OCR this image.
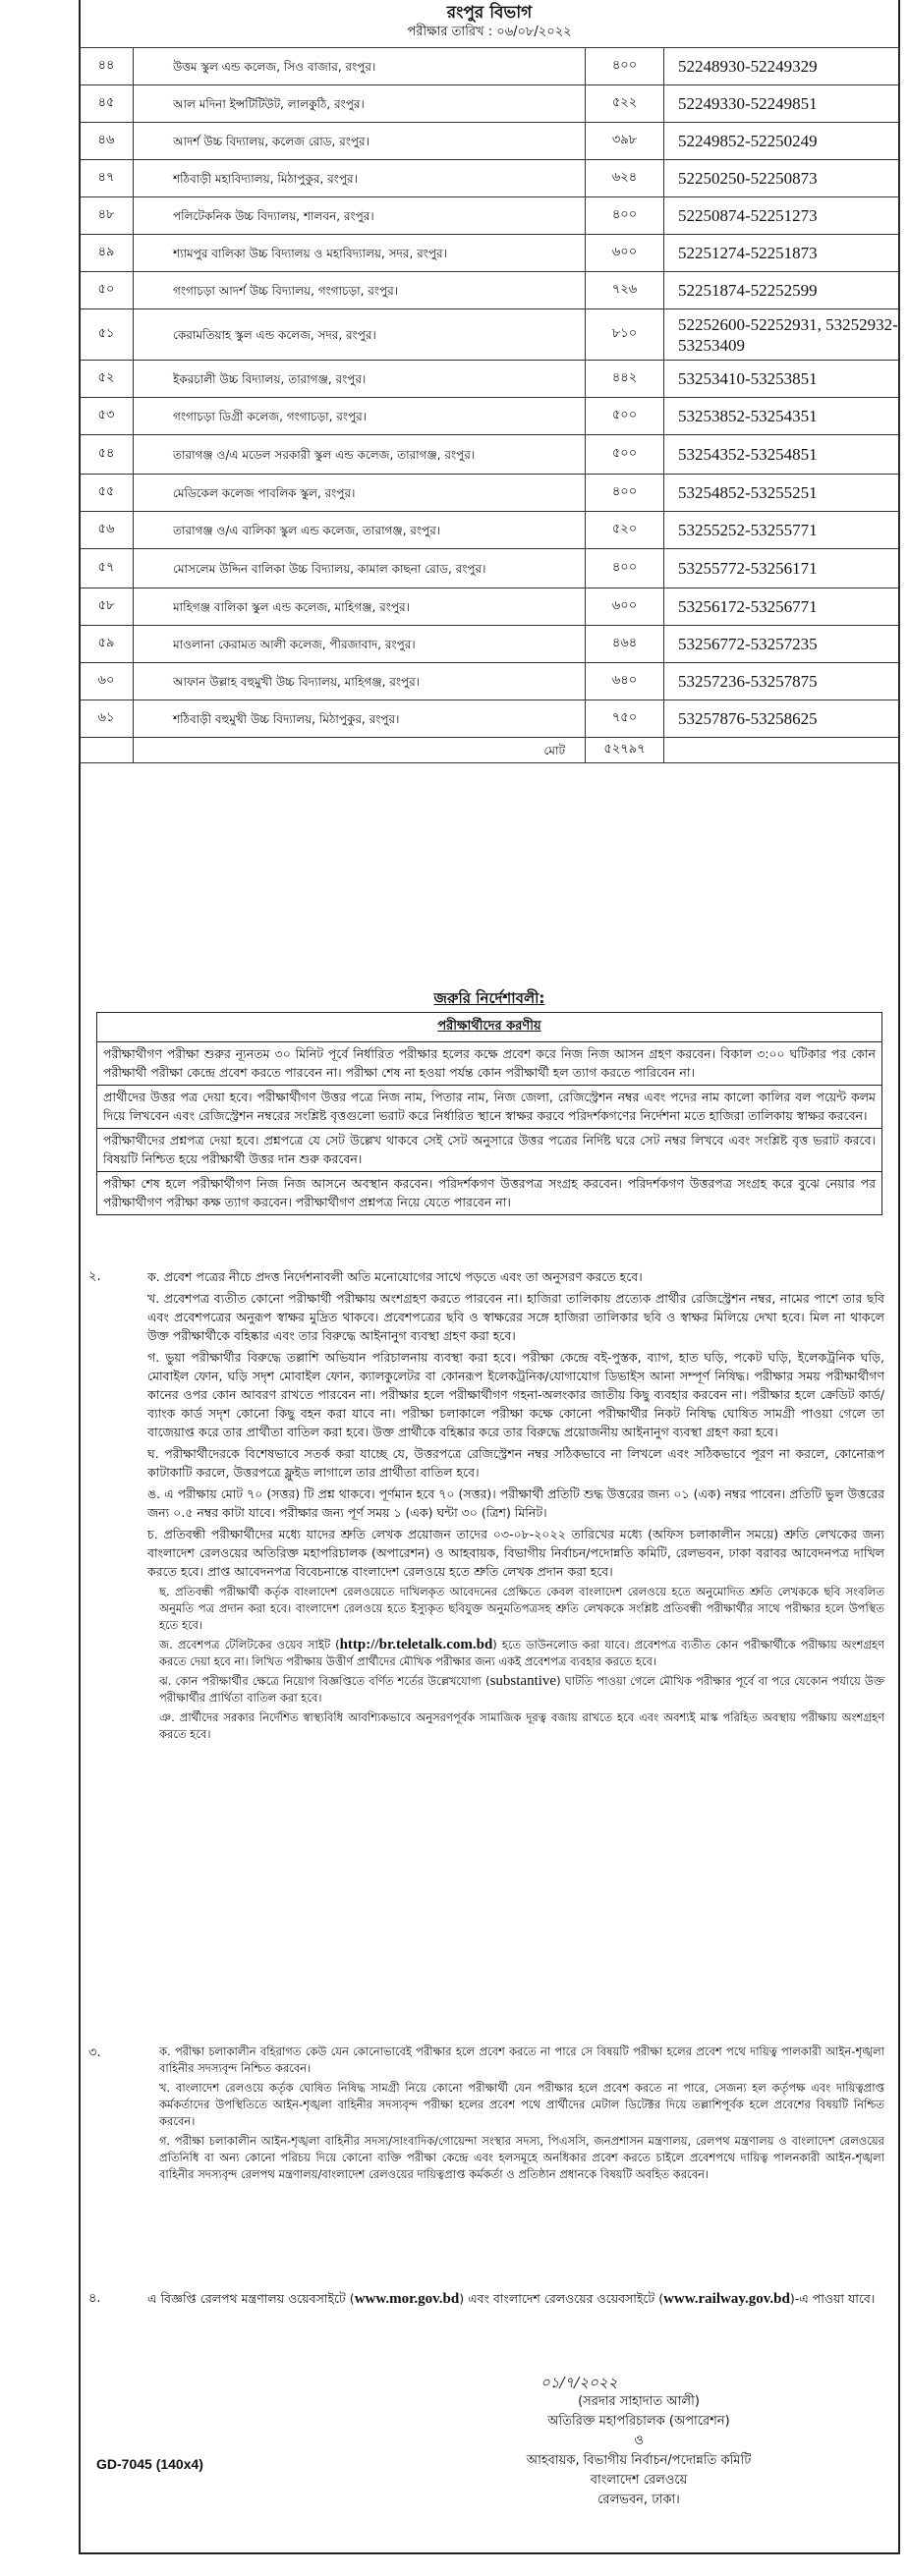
রংপুর বিভাগ
পরীক্ষার তারিখ : ০৬/০৮/২০২২
৪৪	উত্তম স্কুল এন্ড কলেজ, সিও বাজার, রংপুর।	৪০০	52248930-52249329
৪৫	আল মদিনা ইন্সটিটিউট, লালকুঠি, রংপুর।	৫২২	52249330-52249851
৪৬	আদর্শ উচ্চ বিদ্যালয়, কলেজ রোড, রংপুর।	৩৯৮	52249852-52250249
৪৭	শঠিবাড়ী মহাবিদ্যালয়, মিঠাপুকুর, রংপুর।	৬২৪	52250250-52250873
৪৮	পলিটেকনিক উচ্চ বিদ্যালয়, শালবন, রংপুর।	৪০০	52250874-52251273
৪৯	শ্যামপুর বালিকা উচ্চ বিদ্যালয় ও মহাবিদ্যালয়, সদর, রংপুর।	৬০০	52251274-52251873
৫০	গংগাচড়া আদর্শ উচ্চ বিদ্যালয়, গংগাচড়া, রংপুর।	৭২৬	52251874-52252599
৫১	কেরামতিয়াহ স্কুল এন্ড কলেজ, সদর, রংপুর।	৮১০	52252600-52252931, 53252932-53253409
৫২	ইকরচালী উচ্চ বিদ্যালয়, তারাগঞ্জ, রংপুর।	৪৪২	53253410-53253851
৫৩	গংগাচড়া ডিগ্রী কলেজ, গংগাচড়া, রংপুর।	৫০০	53253852-53254351
৫৪	তারাগঞ্জ ও/এ মডেল সরকারী স্কুল এন্ড কলেজ, তারাগঞ্জ, রংপুর।	৫০০	53254352-53254851
৫৫	মেডিকেল কলেজ পাবলিক স্কুল, রংপুর।	৪০০	53254852-53255251
৫৬	তারাগঞ্জ ও/এ বালিকা স্কুল এন্ড কলেজ, তারাগঞ্জ, রংপুর।	৫২০	53255252-53255771
৫৭	মোসলেম উদ্দিন বালিকা উচ্চ বিদ্যালয়, কামাল কাছনা রোড, রংপুর।	৪০০	53255772-53256171
৫৮	মাহিগঞ্জ বালিকা স্কুল এন্ড কলেজ, মাহিগঞ্জ, রংপুর।	৬০০	53256172-53256771
৫৯	মাওলানা কেরামত আলী কলেজ, পীরজাবাদ, রংপুর।	৪৬৪	53256772-53257235
৬০	আফান উল্লাহ বহুমুখী উচ্চ বিদ্যালয়, মাহিগঞ্জ, রংপুর।	৬৪০	53257236-53257875
৬১	শঠিবাড়ী বহুমুখী উচ্চ বিদ্যালয়, মিঠাপুকুর, রংপুর।	৭৫০	53257876-53258625
	মোট	৫২৭৯৭	
জরুরি নির্দেশাবলী:
পরীক্ষার্থীদের করণীয়
পরীক্ষার্থীগণ পরীক্ষা শুরুর ন্যূনতম ৩০ মিনিট পূর্বে নির্ধারিত পরীক্ষার হলের কক্ষে প্রবেশ করে নিজ নিজ আসন গ্রহণ করবেন। বিকাল ৩:০০ ঘটিকার পর কোন পরীক্ষার্থী পরীক্ষা কেন্দ্রে প্রবেশ করতে পারবেন না। পরীক্ষা শেষ না হওয়া পর্যন্ত কোন পরীক্ষার্থী হল ত্যাগ করতে পারিবেন না।
প্রার্থীদের উত্তর পত্র দেয়া হবে। পরীক্ষার্থীগণ উত্তর পত্রে নিজ নাম, পিতার নাম, নিজ জেলা, রেজিস্ট্রেশন নম্বর এবং পদের নাম কালো কালির বল পয়েন্ট কলম দিয়ে লিখবেন এবং রেজিস্ট্রেশন নম্বরের সংশ্লিষ্ট বৃত্তগুলো ভরাট করে নির্ধারিত স্থানে স্বাক্ষর করবে পরিদর্শকগণের নির্দেশনা মতে হাজিরা তালিকায় স্বাক্ষর করবেন।
পরীক্ষার্থীদের প্রশ্নপত্র দেয়া হবে। প্রশ্নপত্রে যে সেট উল্লেখ থাকবে সেই সেট অনুসারে উত্তর পত্রের নির্দিষ্ট ঘরে সেট নম্বর লিখবে এবং সংশ্লিষ্ট বৃত্ত ভরাট করবে। বিষয়টি নিশ্চিত হয়ে পরীক্ষার্থী উত্তর দান শুরু করবেন।
পরীক্ষা শেষ হলে পরীক্ষার্থীগণ নিজ নিজ আসনে অবস্থান করবেন। পরিদর্শকগণ উত্তরপত্র সংগ্রহ করবেন। পরিদর্শকগণ উত্তরপত্র সংগ্রহ করে বুঝে নেয়ার পর পরীক্ষার্থীগণ পরীক্ষা কক্ষ ত্যাগ করবেন। পরীক্ষার্থীগণ প্রশ্নপত্র নিয়ে যেতে পারবেন না।
২.	ক. প্রবেশ পত্রের নীচে প্রদত্ত নির্দেশনাবলী অতি মনোযোগের সাথে পড়তে এবং তা অনুসরণ করতে হবে।
খ. প্রবেশপত্র ব্যতীত কোনো পরীক্ষার্থী পরীক্ষায় অংশগ্রহণ করতে পারবেন না। হাজিরা তালিকায় প্রত্যেক প্রার্থীর রেজিস্ট্রেশন নম্বর, নামের পাশে তার ছবি এবং প্রবেশপত্রের অনুরূপ স্বাক্ষর মুদ্রিত থাকবে। প্রবেশপত্রের ছবি ও স্বাক্ষরের সঙ্গে হাজিরা তালিকার ছবি ও স্বাক্ষর মিলিয়ে দেখা হবে। মিল না থাকলে উক্ত পরীক্ষার্থীকে বহিষ্কার এবং তার বিরুদ্ধে আইনানুগ ব্যবস্থা গ্রহণ করা হবে।
গ. ভুয়া পরীক্ষার্থীর বিরুদ্ধে তল্লাশি অভিযান পরিচালনায় ব্যবস্থা করা হবে। পরীক্ষা কেন্দ্রে বই-পুস্তক, ব্যাগ, হাত ঘড়ি, পকেট ঘড়ি, ইলেকট্রনিক ঘড়ি, মোবাইল ফোন, ঘড়ি সদৃশ মোবাইল ফোন, ক্যালকুলেটর বা কোনরূপ ইলেকট্রনিক/যোগাযোগ ডিভাইস আনা সম্পূর্ণ নিষিদ্ধ। পরীক্ষার সময় পরীক্ষার্থীগণ কানের ওপর কোন আবরণ রাখতে পারবেন না। পরীক্ষার হলে পরীক্ষার্থীগণ গহনা-অলংকার জাতীয় কিছু ব্যবহার করবেন না। পরীক্ষার হলে ক্রেডিট কার্ড/ব্যাংক কার্ড সদৃশ কোনো কিছু বহন করা যাবে না। পরীক্ষা চলাকালে পরীক্ষা কক্ষে কোনো পরীক্ষার্থীর নিকট নিষিদ্ধ ঘোষিত সামগ্রী পাওয়া গেলে তা বাজেয়াপ্ত করে তার প্রার্থীতা বাতিল করা হবে। উক্ত প্রার্থীকে বহিষ্কার করে তার বিরুদ্ধে প্রয়োজনীয় আইনানুগ ব্যবস্থা গ্রহণ করা হবে।
ঘ. পরীক্ষার্থীদেরকে বিশেষভাবে সতর্ক করা যাচ্ছে যে, উত্তরপত্রে রেজিস্ট্রেশন নম্বর সঠিকভাবে না লিখলে এবং সঠিকভাবে পূরণ না করলে, কোনোরূপ কাটাকাটি করলে, উত্তরপত্রে ফ্লুইড লাগালে তার প্রার্থীতা বাতিল হবে।
ঙ. এ পরীক্ষায় মোট ৭০ (সত্তর) টি প্রশ্ন থাকবে। পূর্ণমান হবে ৭০ (সত্তর)। পরীক্ষার্থী প্রতিটি শুদ্ধ উত্তরের জন্য ০১ (এক) নম্বর পাবেন। প্রতিটি ভুল উত্তরের জন্য ০.৫ নম্বর কাটা যাবে। পরীক্ষার জন্য পূর্ণ সময় ১ (এক) ঘন্টা ৩০ (ত্রিশ) মিনিট।
চ. প্রতিবন্ধী পরীক্ষার্থীদের মধ্যে যাদের শ্রুতি লেখক প্রয়োজন তাদের ০৩-০৮-২০২২ তারিখের মধ্যে (অফিস চলাকালীন সময়ে) শ্রুতি লেখকের জন্য বাংলাদেশ রেলওয়ের অতিরিক্ত মহাপরিচালক (অপারেশন) ও আহবায়ক, বিভাগীয় নির্বাচন/পদোন্নতি কমিটি, রেলভবন, ঢাকা বরাবর আবেদনপত্র দাখিল করতে হবে। প্রাপ্ত আবেদনপত্র বিবেচনান্তে বাংলাদেশ রেলওয়ে হতে শ্রুতি লেখক প্রদান করা হবে।
ছ. প্রতিবন্ধী পরীক্ষার্থী কর্তৃক বাংলাদেশ রেলওয়েতে দাখিলকৃত আবেদনের প্রেক্ষিতে কেবল বাংলাদেশ রেলওয়ে হতে অনুমোদিত শ্রুতি লেখককে ছবি সংবলিত অনুমতি পত্র প্রদান করা হবে। বাংলাদেশ রেলওয়ে হতে ইস্যুকৃত ছবিযুক্ত অনুমতিপত্রসহ শ্রুতি লেখককে সংশ্লিষ্ট প্রতিবন্ধী পরীক্ষার্থীর সাথে পরীক্ষার হলে উপস্থিত হতে হবে।
জ. প্রবেশপত্র টেলিটকের ওয়েব সাইট (http://br.teletalk.com.bd) হতে ডাউনলোড করা যাবে। প্রবেশপত্র ব্যতীত কোন পরীক্ষার্থীকে পরীক্ষায় অংশগ্রহণ করতে দেয়া হবে না। লিখিত পরীক্ষায় উত্তীর্ণ প্রার্থীদের মৌখিক পরীক্ষার জন্য একই প্রবেশপত্র ব্যবহার করতে হবে।
ঝ. কোন পরীক্ষার্থীর ক্ষেত্রে নিয়োগ বিজ্ঞপ্তিতে বর্ণিত শর্তের উল্লেখযোগ্য (substantive) ঘাটতি পাওয়া গেলে মৌখিক পরীক্ষার পূর্বে বা পরে যেকোন পর্যায়ে উক্ত পরীক্ষার্থীর প্রার্থিতা বাতিল করা হবে।
ঞ. প্রার্থীদের সরকার নির্দেশিত স্বাস্থ্যবিধি আবশ্যিকভাবে অনুসরণপূর্বক সামাজিক দূরত্ব বজায় রাখতে হবে এবং অবশ্যই মাস্ক পরিহিত অবস্থায় পরীক্ষায় অংশগ্রহণ করতে হবে।
৩.	ক. পরীক্ষা চলাকালীন বহিরাগত কেউ যেন কোনোভাবেই পরীক্ষার হলে প্রবেশ করতে না পারে সে বিষয়টি পরীক্ষা হলের প্রবেশ পথে দায়িত্ব পালকারী আইন-শৃঙ্খলা বাহিনীর সদস্যবৃন্দ নিশ্চিত করবেন।
খ. বাংলাদেশ রেলওয়ে কর্তৃক ঘোষিত নিষিদ্ধ সামগ্রী নিয়ে কোনো পরীক্ষার্থী যেন পরীক্ষার হলে প্রবেশ করতে না পারে, সেজন্য হল কর্তৃপক্ষ এবং দায়িত্বপ্রাপ্ত কর্মকর্তাদের উপস্থিতিতে আইন-শৃঙ্খলা বাহিনীর সদস্যবৃন্দ পরীক্ষা হলের প্রবেশ পথে প্রার্থীদের মেটাল ডিটেক্টর দিয়ে তল্লাশিপূর্বক হলে প্রবেশের বিষয়টি নিশ্চিত করবেন।
গ. পরীক্ষা চলাকালীন আইন-শৃঙ্খলা বাহিনীর সদস্য/সাংবাদিক/গোয়েন্দা সংস্থার সদস্য, পিএসসি, জনপ্রশাসন মন্ত্রণালয়, রেলপথ মন্ত্রণালয় ও বাংলাদেশ রেলওয়ের প্রতিনিধি বা অন্য কোনো পরিচয় দিয়ে কোনো ব্যক্তি পরীক্ষা কেন্দ্রে এবং হলসমূহে অনধিকার প্রবেশ করতে চাইলে প্রবেশপথে দায়িত্ব পালনকারী আইন-শৃঙ্খলা বাহিনীর সদস্যবৃন্দ রেলপথ মন্ত্রণালয়/বাংলাদেশ রেলওয়ের দায়িত্বপ্রাপ্ত কর্মকর্তা ও প্রতিষ্ঠান প্রধানকে বিষয়টি অবহিত করবেন।
৪.	এ বিজ্ঞপ্তি রেলপথ মন্ত্রণালয় ওয়েবসাইটে (www.mor.gov.bd) এবং বাংলাদেশ রেলওয়ের ওয়েবসাইটে (www.railway.gov.bd)-এ পাওয়া যাবে।
০১/৭/২০২২
(সরদার সাহাদাত আলী)
অতিরিক্ত মহাপরিচালক (অপারেশন)
ও
আহবায়ক, বিভাগীয় নির্বাচন/পদোন্নতি কমিটি
বাংলাদেশ রেলওয়ে
রেলভবন, ঢাকা।
GD-7045 (140x4)
